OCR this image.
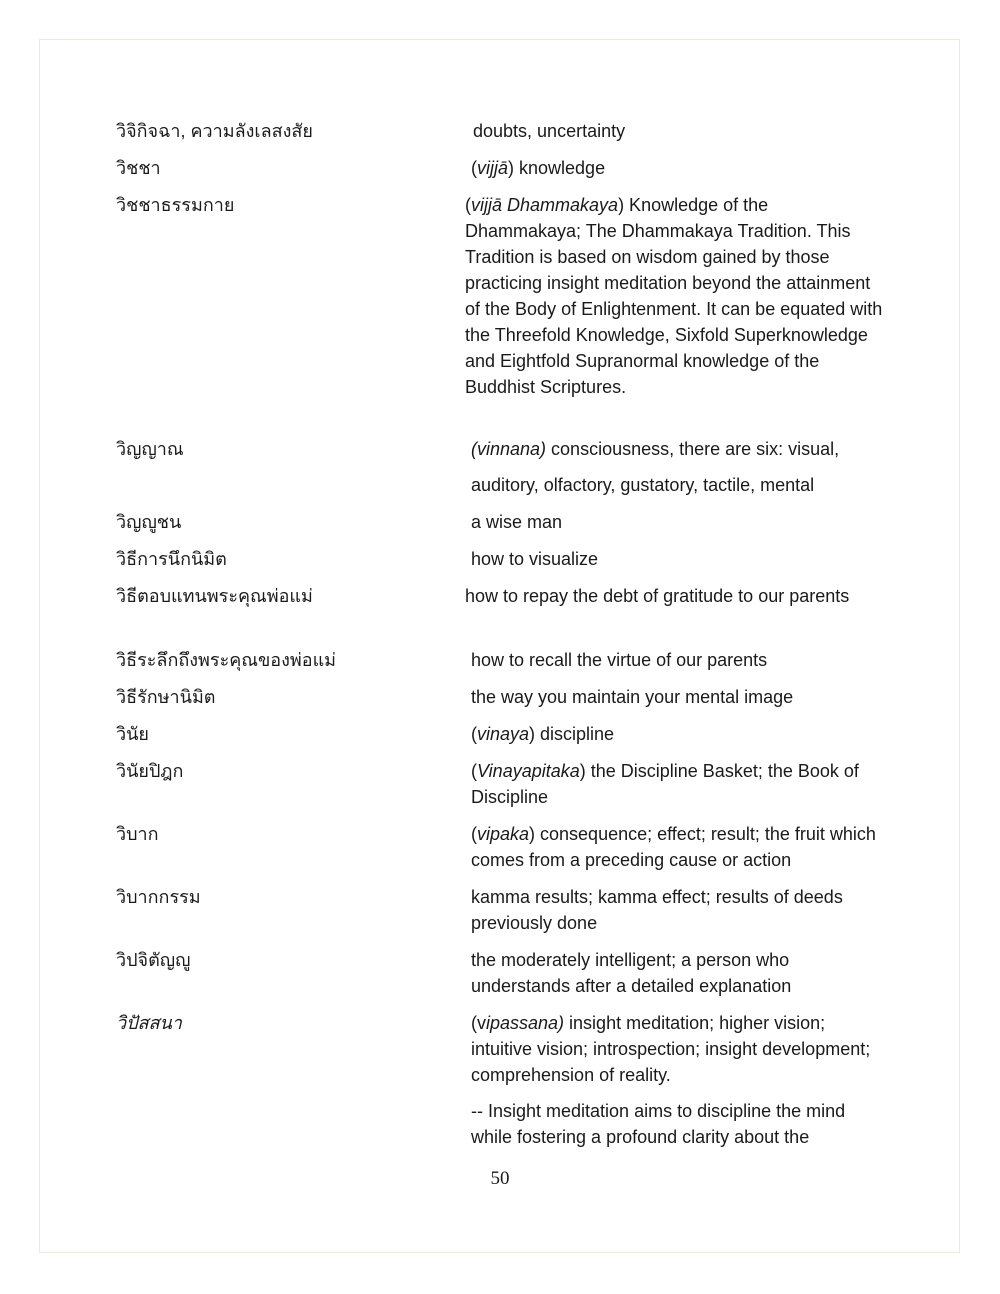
วิจิกิจฉา, ความลังเลสงสัย	doubts, uncertainty
วิชชา	(vijjā) knowledge
วิชชาธรรมกาย	(vijjā Dhammakaya) Knowledge of the Dhammakaya; The Dhammakaya Tradition. This Tradition is based on wisdom gained by those practicing insight meditation beyond the attainment of the Body of Enlightenment. It can be equated with the Threefold Knowledge, Sixfold Superknowledge and Eightfold Supranormal knowledge of the Buddhist Scriptures.
วิญญาณ	(vinnana) consciousness, there are six: visual,
auditory, olfactory, gustatory, tactile, mental
วิญญูชน	a wise man
วิธีการนึกนิมิต	how to visualize
วิธีตอบแทนพระคุณพ่อแม่	how to repay the debt of gratitude to our parents
วิธีระลึกถึงพระคุณของพ่อแม่	how to recall the virtue of our parents
วิธีรักษานิมิต	the way you maintain your mental image
วินัย	(vinaya) discipline
วินัยปิฎก	(Vinayapitaka) the Discipline Basket; the Book of Discipline
วิบาก	(vipaka) consequence; effect; result; the fruit which comes from a preceding cause or action
วิบากกรรม	kamma results; kamma effect; results of deeds previously done
วิปจิตัญญู	the moderately intelligent; a person who understands after a detailed explanation
วิปัสสนา	(vipassana) insight meditation; higher vision; intuitive vision; introspection; insight development; comprehension of reality.

-- Insight meditation aims to discipline the mind while fostering a profound clarity about the

50
